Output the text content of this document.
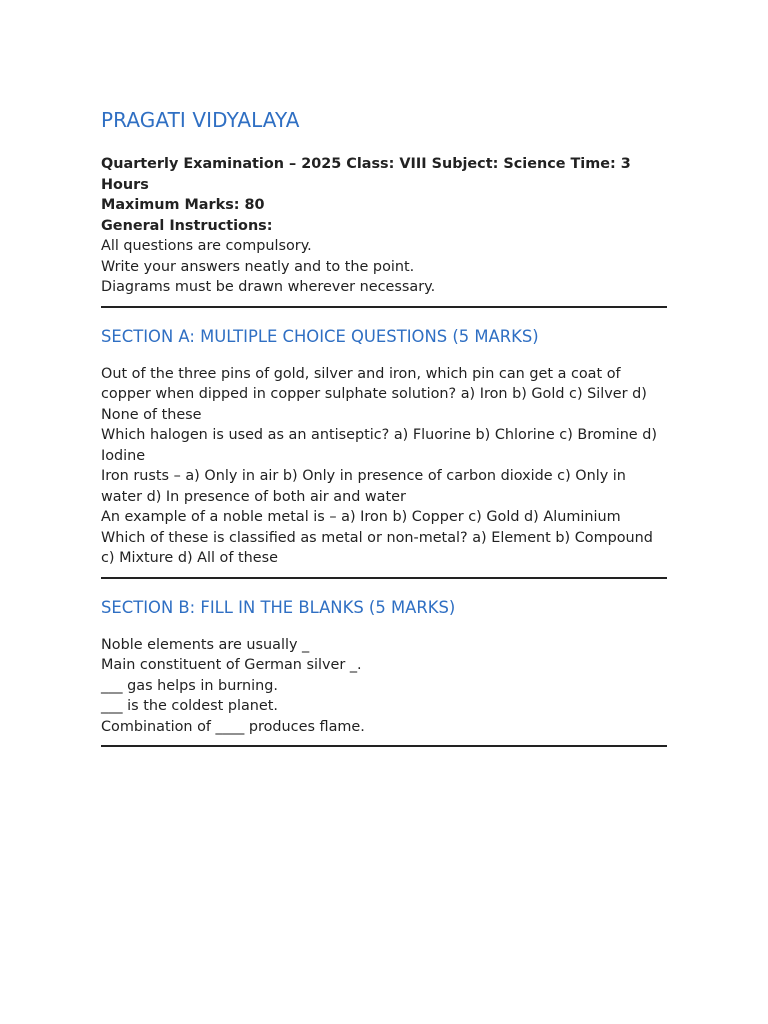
PRAGATI VIDYALAYA

Quarterly Examination – 2025 Class: VIII Subject: Science Time: 3 Hours

Maximum Marks: 80

General Instructions:

All questions are compulsory.

Write your answers neatly and to the point.

Diagrams must be drawn wherever necessary.

SECTION A: MULTIPLE CHOICE QUESTIONS (5 MARKS)

Out of the three pins of gold, silver and iron, which pin can get a coat of copper when dipped in copper sulphate solution? a) Iron b) Gold c) Silver d) None of these

Which halogen is used as an antiseptic? a) Fluorine b) Chlorine c) Bromine d) Iodine

Iron rusts – a) Only in air b) Only in presence of carbon dioxide c) Only in water d) In presence of both air and water

An example of a noble metal is – a) Iron b) Copper c) Gold d) Aluminium

Which of these is classified as metal or non-metal? a) Element b) Compound c) Mixture d) All of these

SECTION B: FILL IN THE BLANKS (5 MARKS)

Noble elements are usually _

Main constituent of German silver _.

___ gas helps in burning.

___ is the coldest planet.

Combination of ____ produces flame.
